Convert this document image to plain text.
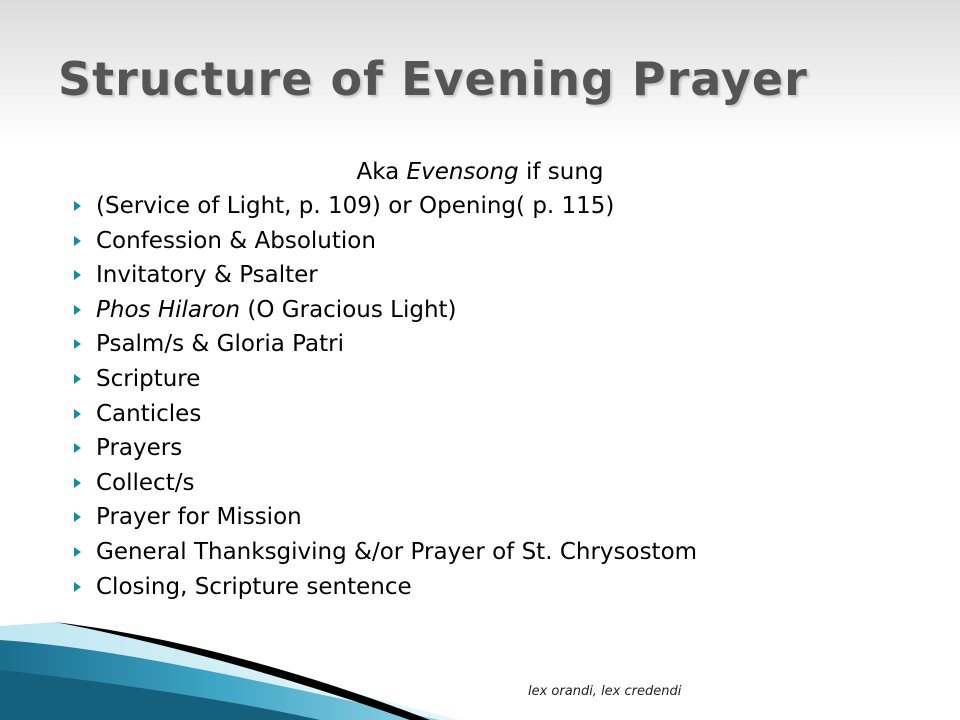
Structure of Evening Prayer
Aka Evensong if sung
(Service of Light, p. 109) or Opening( p. 115)
Confession & Absolution
Invitatory & Psalter
Phos Hilaron (O Gracious Light)
Psalm/s & Gloria Patri
Scripture
Canticles
Prayers
Collect/s
Prayer for Mission
General Thanksgiving &/or Prayer of St. Chrysostom
Closing, Scripture sentence
lex orandi, lex credendi
